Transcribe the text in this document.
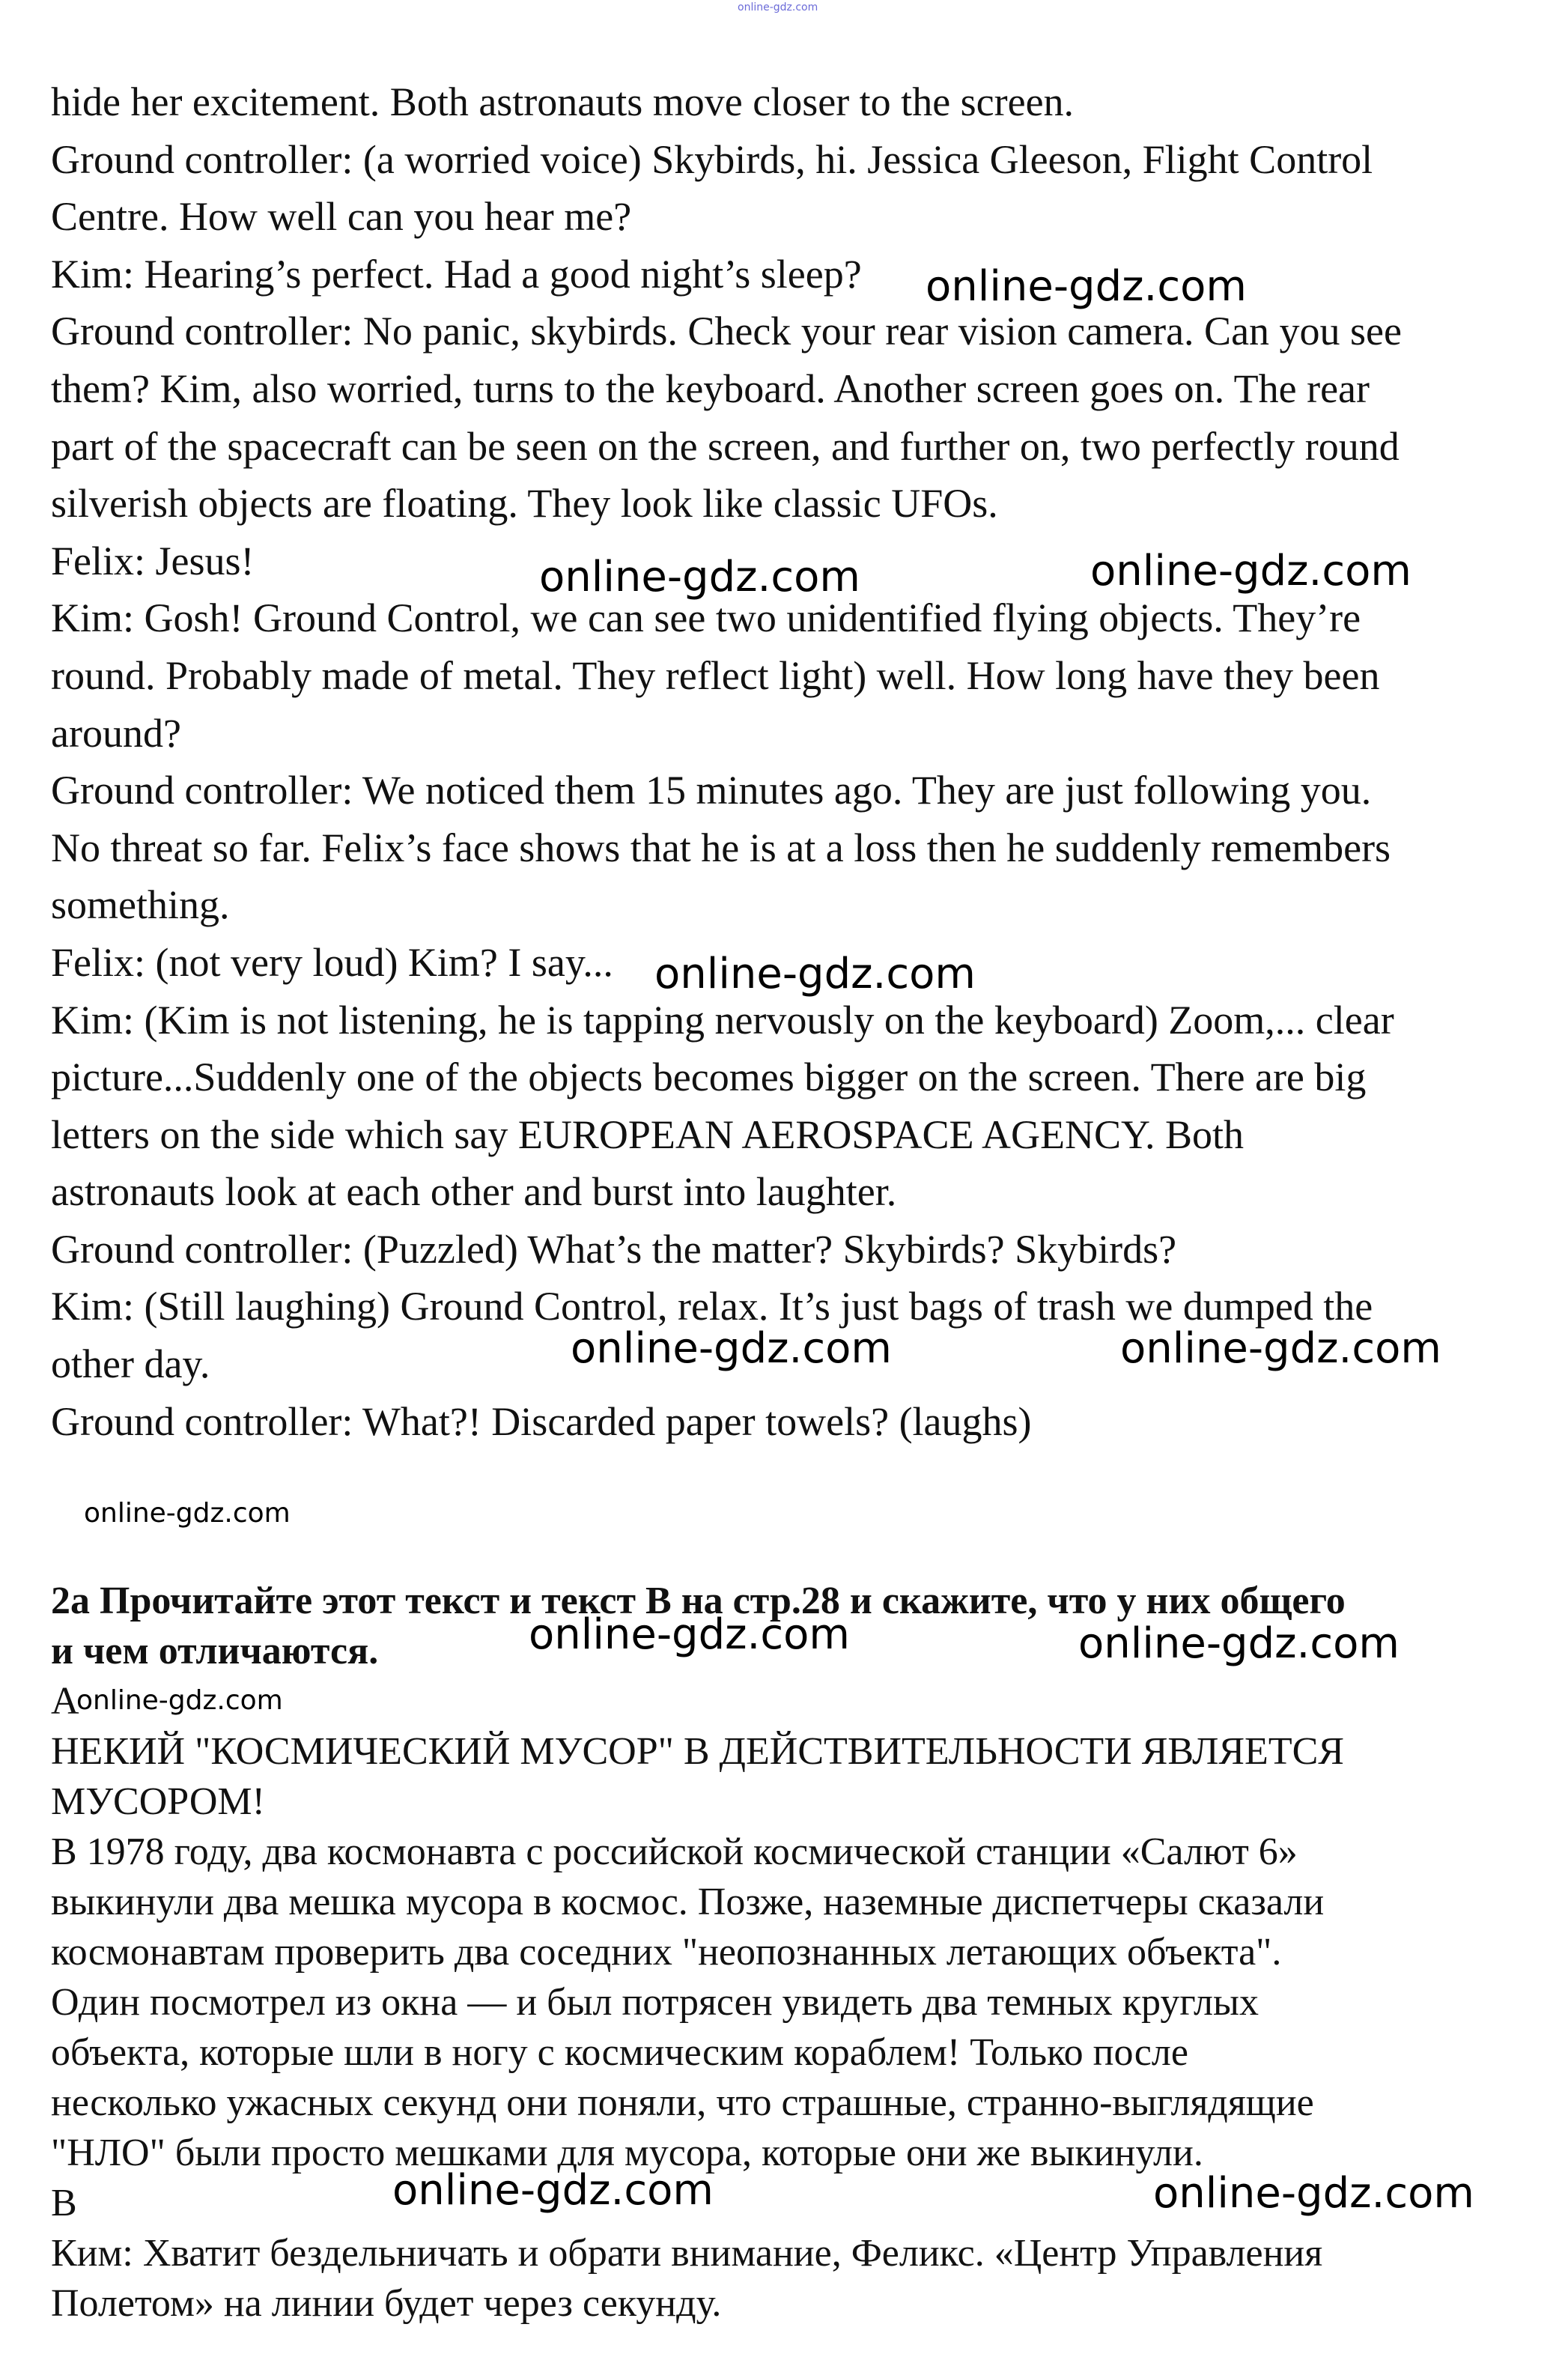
online-gdz.com
hide her excitement. Both astronauts move closer to the screen.
Ground controller: (a worried voice) Skybirds, hi. Jessica Gleeson, Flight Control
Centre. How well can you hear me?
Kim: Hearing’s perfect. Had a good night’s sleep?
Ground controller: No panic, skybirds. Check your rear vision camera. Can you see
them? Kim, also worried, turns to the keyboard. Another screen goes on. The rear
part of the spacecraft can be seen on the screen, and further on, two perfectly round
silverish objects are floating. They look like classic UFOs.
Felix: Jesus!
Kim: Gosh! Ground Control, we can see two unidentified flying objects. They’re
round. Probably made of metal. They reflect light) well. How long have they been
around?
Ground controller: We noticed them 15 minutes ago. They are just following you.
No threat so far. Felix’s face shows that he is at a loss then he suddenly remembers
something.
Felix: (not very loud) Kim? I say...
Kim: (Kim is not listening, he is tapping nervously on the keyboard) Zoom,... clear
picture...Suddenly one of the objects becomes bigger on the screen. There are big
letters on the side which say EUROPEAN AEROSPACE AGENCY. Both
astronauts look at each other and burst into laughter.
Ground controller: (Puzzled) What’s the matter? Skybirds? Skybirds?
Kim: (Still laughing) Ground Control, relax. It’s just bags of trash we dumped the
other day.
Ground controller: What?! Discarded paper towels? (laughs)
2a Прочитайте этот текст и текст B на стр.28 и скажите, что у них общего
и чем отличаются.
A
НЕКИЙ "КОСМИЧЕСКИЙ МУСОР" В ДЕЙСТВИТЕЛЬНОСТИ ЯВЛЯЕТСЯ
МУСОРОМ!
В 1978 году, два космонавта с российской космической станции «Салют 6»
выкинули два мешка мусора в космос. Позже, наземные диспетчеры сказали
космонавтам проверить два соседних "неопознанных летающих объекта".
Один посмотрел из окна — и был потрясен увидеть два темных круглых
объекта, которые шли в ногу с космическим кораблем! Только после
несколько ужасных секунд они поняли, что страшные, странно-выглядящие
"НЛО" были просто мешками для мусора, которые они же выкинули.
B
Ким: Хватит бездельничать и обрати внимание, Феликс. «Центр Управления
Полетом» на линии будет через секунду.
online-gdz.com
online-gdz.com	online-gdz.com
online-gdz.com
online-gdz.com	online-gdz.com
online-gdz.com
online-gdz.com	online-gdz.com
online-gdz.com
online-gdz.com	online-gdz.com
